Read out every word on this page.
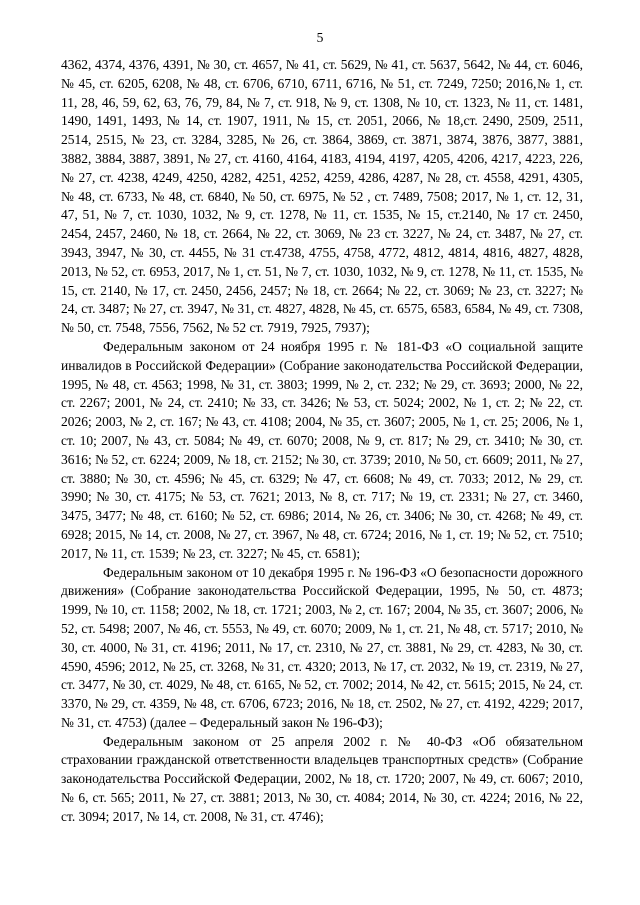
5

4362, 4374, 4376, 4391, № 30, ст. 4657, № 41, ст. 5629, № 41, ст. 5637, 5642, № 44, ст. 6046, № 45, ст. 6205, 6208, № 48, ст. 6706, 6710, 6711, 6716, № 51, ст. 7249, 7250; 2016,№ 1, ст. 11, 28, 46, 59, 62, 63, 76, 79, 84, № 7, ст. 918, № 9, ст. 1308, № 10, ст. 1323, № 11, ст. 1481, 1490, 1491, 1493, № 14, ст. 1907, 1911, № 15, ст. 2051, 2066, № 18,ст. 2490, 2509, 2511, 2514, 2515, № 23, ст. 3284, 3285, № 26, ст. 3864, 3869, ст. 3871, 3874, 3876, 3877, 3881, 3882, 3884, 3887, 3891, № 27, ст. 4160, 4164, 4183, 4194, 4197, 4205, 4206, 4217, 4223, 226, № 27, ст. 4238, 4249, 4250, 4282, 4251, 4252, 4259, 4286, 4287, № 28, ст. 4558, 4291, 4305, № 48, ст. 6733, № 48, ст. 6840, № 50, ст. 6975, № 52 , ст. 7489, 7508; 2017, № 1, ст. 12, 31, 47, 51, № 7, ст. 1030, 1032, № 9, ст. 1278, № 11, ст. 1535, № 15, ст.2140, № 17 ст. 2450, 2454, 2457, 2460, № 18, ст. 2664, № 22, ст. 3069, № 23 ст. 3227, № 24, ст. 3487, № 27, ст. 3943, 3947, № 30, ст. 4455, № 31 ст.4738, 4755, 4758, 4772, 4812, 4814, 4816, 4827, 4828, 2013, № 52, ст. 6953, 2017, № 1, ст. 51, № 7, ст. 1030, 1032, № 9, ст. 1278, № 11, ст. 1535, № 15, ст. 2140, № 17, ст. 2450, 2456, 2457; № 18, ст. 2664; № 22, ст. 3069; № 23, ст. 3227; № 24, ст. 3487; № 27, ст. 3947, № 31, ст. 4827, 4828, № 45, ст. 6575, 6583, 6584, № 49, ст. 7308, № 50, ст. 7548, 7556, 7562, № 52 ст. 7919, 7925, 7937);

Федеральным законом от 24 ноября 1995 г. № 181-ФЗ «О социальной защите инвалидов в Российской Федерации» (Собрание законодательства Российской Федерации, 1995, № 48, ст. 4563; 1998, № 31, ст. 3803; 1999, № 2, ст. 232; № 29, ст. 3693; 2000, № 22, ст. 2267; 2001, № 24, ст. 2410; № 33, ст. 3426; № 53, ст. 5024; 2002, № 1, ст. 2; № 22, ст. 2026; 2003, № 2, ст. 167; № 43, ст. 4108; 2004, № 35, ст. 3607; 2005, № 1, ст. 25; 2006, № 1, ст. 10; 2007, № 43, ст. 5084; № 49, ст. 6070; 2008, № 9, ст. 817; № 29, ст. 3410; № 30, ст. 3616; № 52, ст. 6224; 2009, № 18, ст. 2152; № 30, ст. 3739; 2010, № 50, ст. 6609; 2011, № 27, ст. 3880; № 30, ст. 4596; № 45, ст. 6329; № 47, ст. 6608; № 49, ст. 7033; 2012, № 29, ст. 3990; № 30, ст. 4175; № 53, ст. 7621; 2013, № 8, ст. 717; № 19, ст. 2331; № 27, ст. 3460, 3475, 3477; № 48, ст. 6160; № 52, ст. 6986; 2014, № 26, ст. 3406; № 30, ст. 4268; № 49, ст. 6928; 2015, № 14, ст. 2008, № 27, ст. 3967, № 48, ст. 6724; 2016, № 1, ст. 19; № 52, ст. 7510; 2017, № 11, ст. 1539; № 23, ст. 3227; № 45, ст. 6581);

Федеральным законом от 10 декабря 1995 г. № 196-ФЗ «О безопасности дорожного движения» (Собрание законодательства Российской Федерации, 1995, № 50, ст. 4873; 1999, № 10, ст. 1158; 2002, № 18, ст. 1721; 2003, № 2, ст. 167; 2004, № 35, ст. 3607; 2006, № 52, ст. 5498; 2007, № 46, ст. 5553, № 49, ст. 6070; 2009, № 1, ст. 21, № 48, ст. 5717; 2010, № 30, ст. 4000, № 31, ст. 4196; 2011, № 17, ст. 2310, № 27, ст. 3881, № 29, ст. 4283, № 30, ст. 4590, 4596; 2012, № 25, ст. 3268, № 31, ст. 4320; 2013, № 17, ст. 2032, № 19, ст. 2319, № 27, ст. 3477, № 30, ст. 4029, № 48, ст. 6165, № 52, ст. 7002; 2014, № 42, ст. 5615; 2015, № 24, ст. 3370, № 29, ст. 4359, № 48, ст. 6706, 6723; 2016, № 18, ст. 2502, № 27, ст. 4192, 4229; 2017, № 31, ст. 4753) (далее – Федеральный закон № 196-ФЗ);

Федеральным законом от 25 апреля 2002 г. № 40-ФЗ «Об обязательном страховании гражданской ответственности владельцев транспортных средств» (Собрание законодательства Российской Федерации, 2002, № 18, ст. 1720; 2007, № 49, ст. 6067; 2010, № 6, ст. 565; 2011, № 27, ст. 3881; 2013, № 30, ст. 4084; 2014, № 30, ст. 4224; 2016, № 22, ст. 3094; 2017, № 14, ст. 2008, № 31, ст. 4746);
